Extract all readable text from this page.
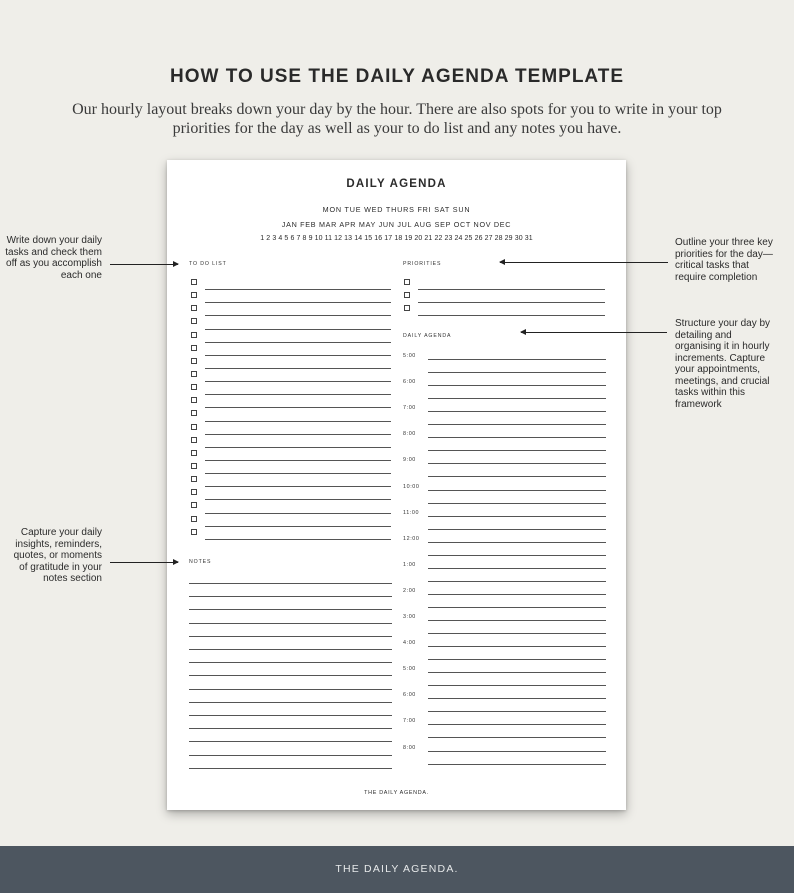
HOW TO USE THE DAILY AGENDA TEMPLATE
Our hourly layout breaks down your day by the hour. There are also spots for you to write in your top priorities for the day as well as your to do list and any notes you have.
DAILY AGENDA
MON TUE WED THURS FRI SAT SUN
JAN FEB MAR APR MAY JUN JUL AUG SEP OCT NOV DEC
1 2 3 4 5 6 7 8 9 10 11 12 13 14 15 16 17 18 19 20 21 22 23 24 25 26 27 28 29 30 31
TO DO LIST	PRIORITIES
DAILY AGENDA
5:00
6:00
7:00
8:00
9:00
10:00
11:00
12:00
1:00
2:00
3:00
4:00
5:00
6:00
7:00
8:00
NOTES
THE DAILY AGENDA.
Write down your daily tasks and check them off as you accomplish each one
Capture your daily insights, reminders, quotes, or moments of gratitude in your notes section
Outline your three key priorities for the day—critical tasks that require completion
Structure your day by detailing and organising it in hourly increments. Capture your appointments, meetings, and crucial tasks within this framework
THE DAILY AGENDA.
